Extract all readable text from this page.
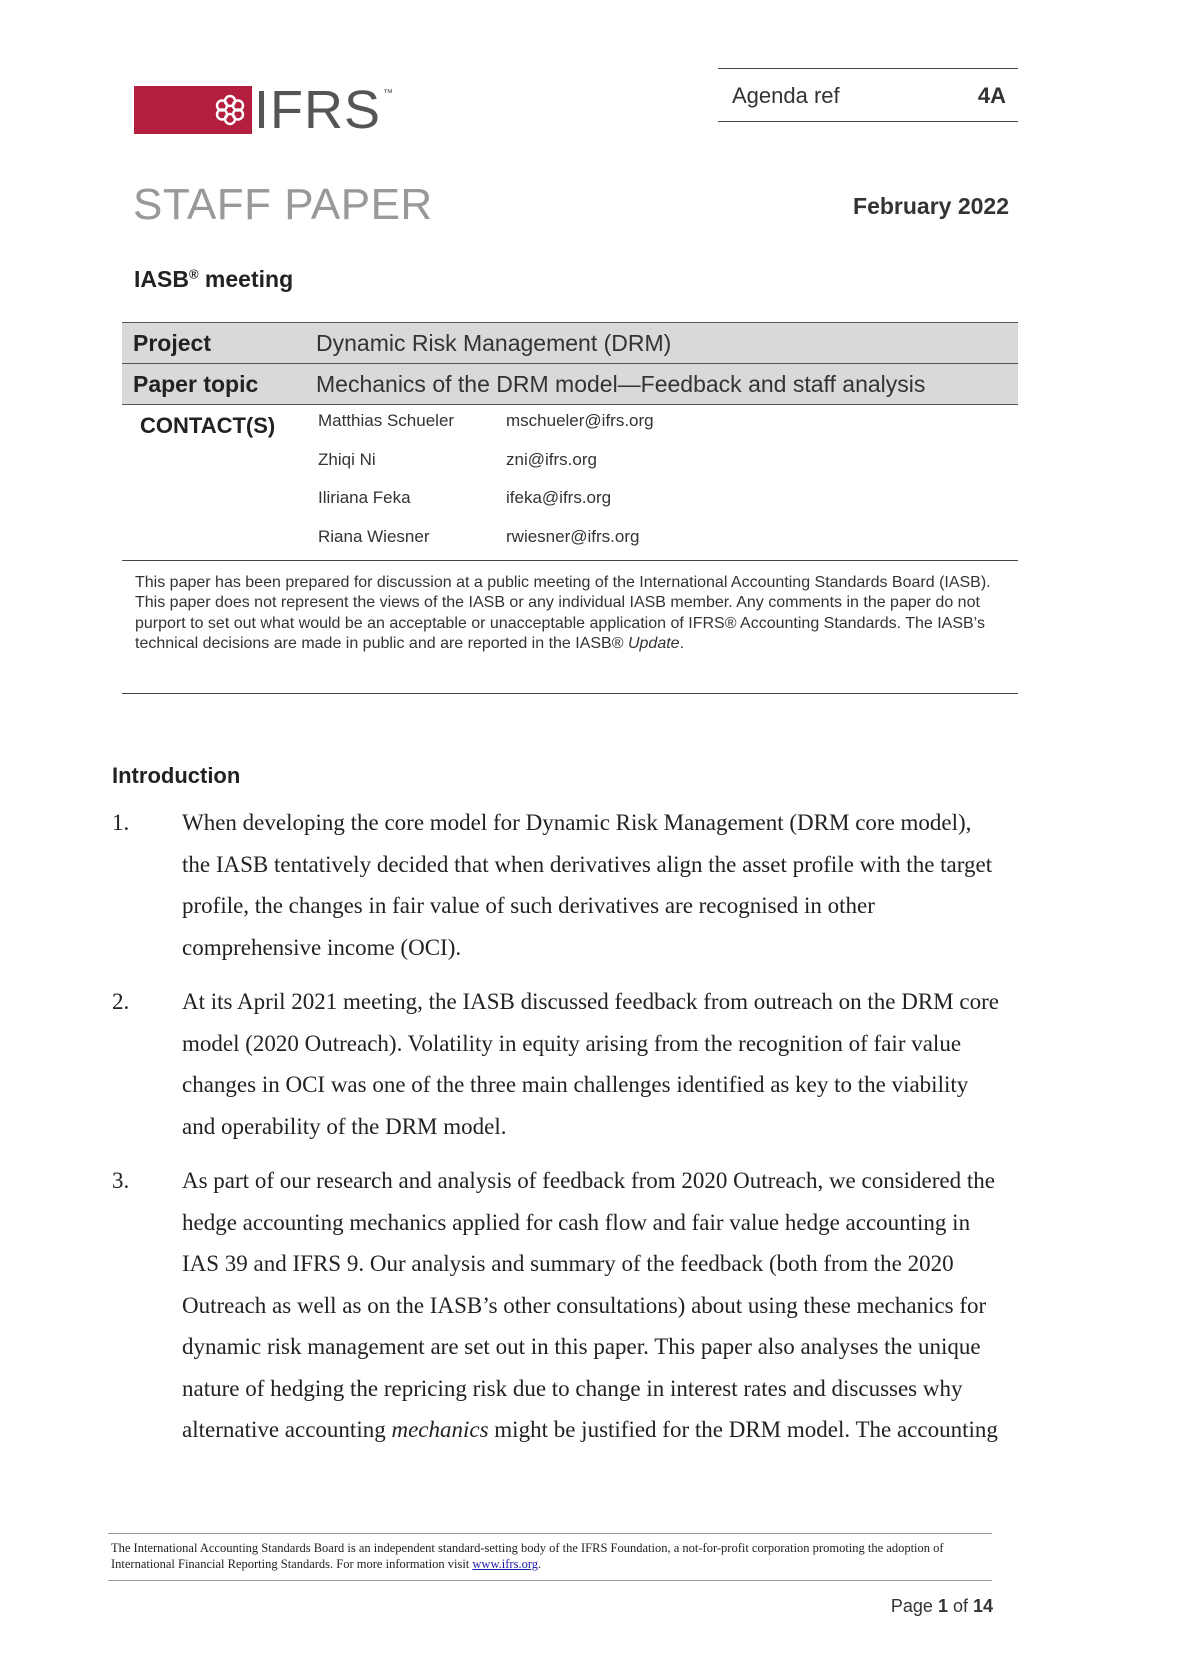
IFRS ™	Agenda ref	4A
STAFF PAPER	February 2022
IASB® meeting
Project	Dynamic Risk Management (DRM)
Paper topic	Mechanics of the DRM model—Feedback and staff analysis
CONTACT(S)	Matthias Schueler	mschueler@ifrs.org
Zhiqi Ni	zni@ifrs.org
Iliriana Feka	ifeka@ifrs.org
Riana Wiesner	rwiesner@ifrs.org
This paper has been prepared for discussion at a public meeting of the International Accounting Standards Board (IASB). This paper does not represent the views of the IASB or any individual IASB member. Any comments in the paper do not purport to set out what would be an acceptable or unacceptable application of IFRS® Accounting Standards. The IASB’s technical decisions are made in public and are reported in the IASB® Update.
Introduction
1.	When developing the core model for Dynamic Risk Management (DRM core model), the IASB tentatively decided that when derivatives align the asset profile with the target profile, the changes in fair value of such derivatives are recognised in other comprehensive income (OCI).
2.	At its April 2021 meeting, the IASB discussed feedback from outreach on the DRM core model (2020 Outreach). Volatility in equity arising from the recognition of fair value changes in OCI was one of the three main challenges identified as key to the viability and operability of the DRM model.
3.	As part of our research and analysis of feedback from 2020 Outreach, we considered the hedge accounting mechanics applied for cash flow and fair value hedge accounting in IAS 39 and IFRS 9. Our analysis and summary of the feedback (both from the 2020 Outreach as well as on the IASB’s other consultations) about using these mechanics for dynamic risk management are set out in this paper. This paper also analyses the unique nature of hedging the repricing risk due to change in interest rates and discusses why alternative accounting mechanics might be justified for the DRM model. The accounting
The International Accounting Standards Board is an independent standard-setting body of the IFRS Foundation, a not-for-profit corporation promoting the adoption of International Financial Reporting Standards. For more information visit www.ifrs.org.
Page 1 of 14
